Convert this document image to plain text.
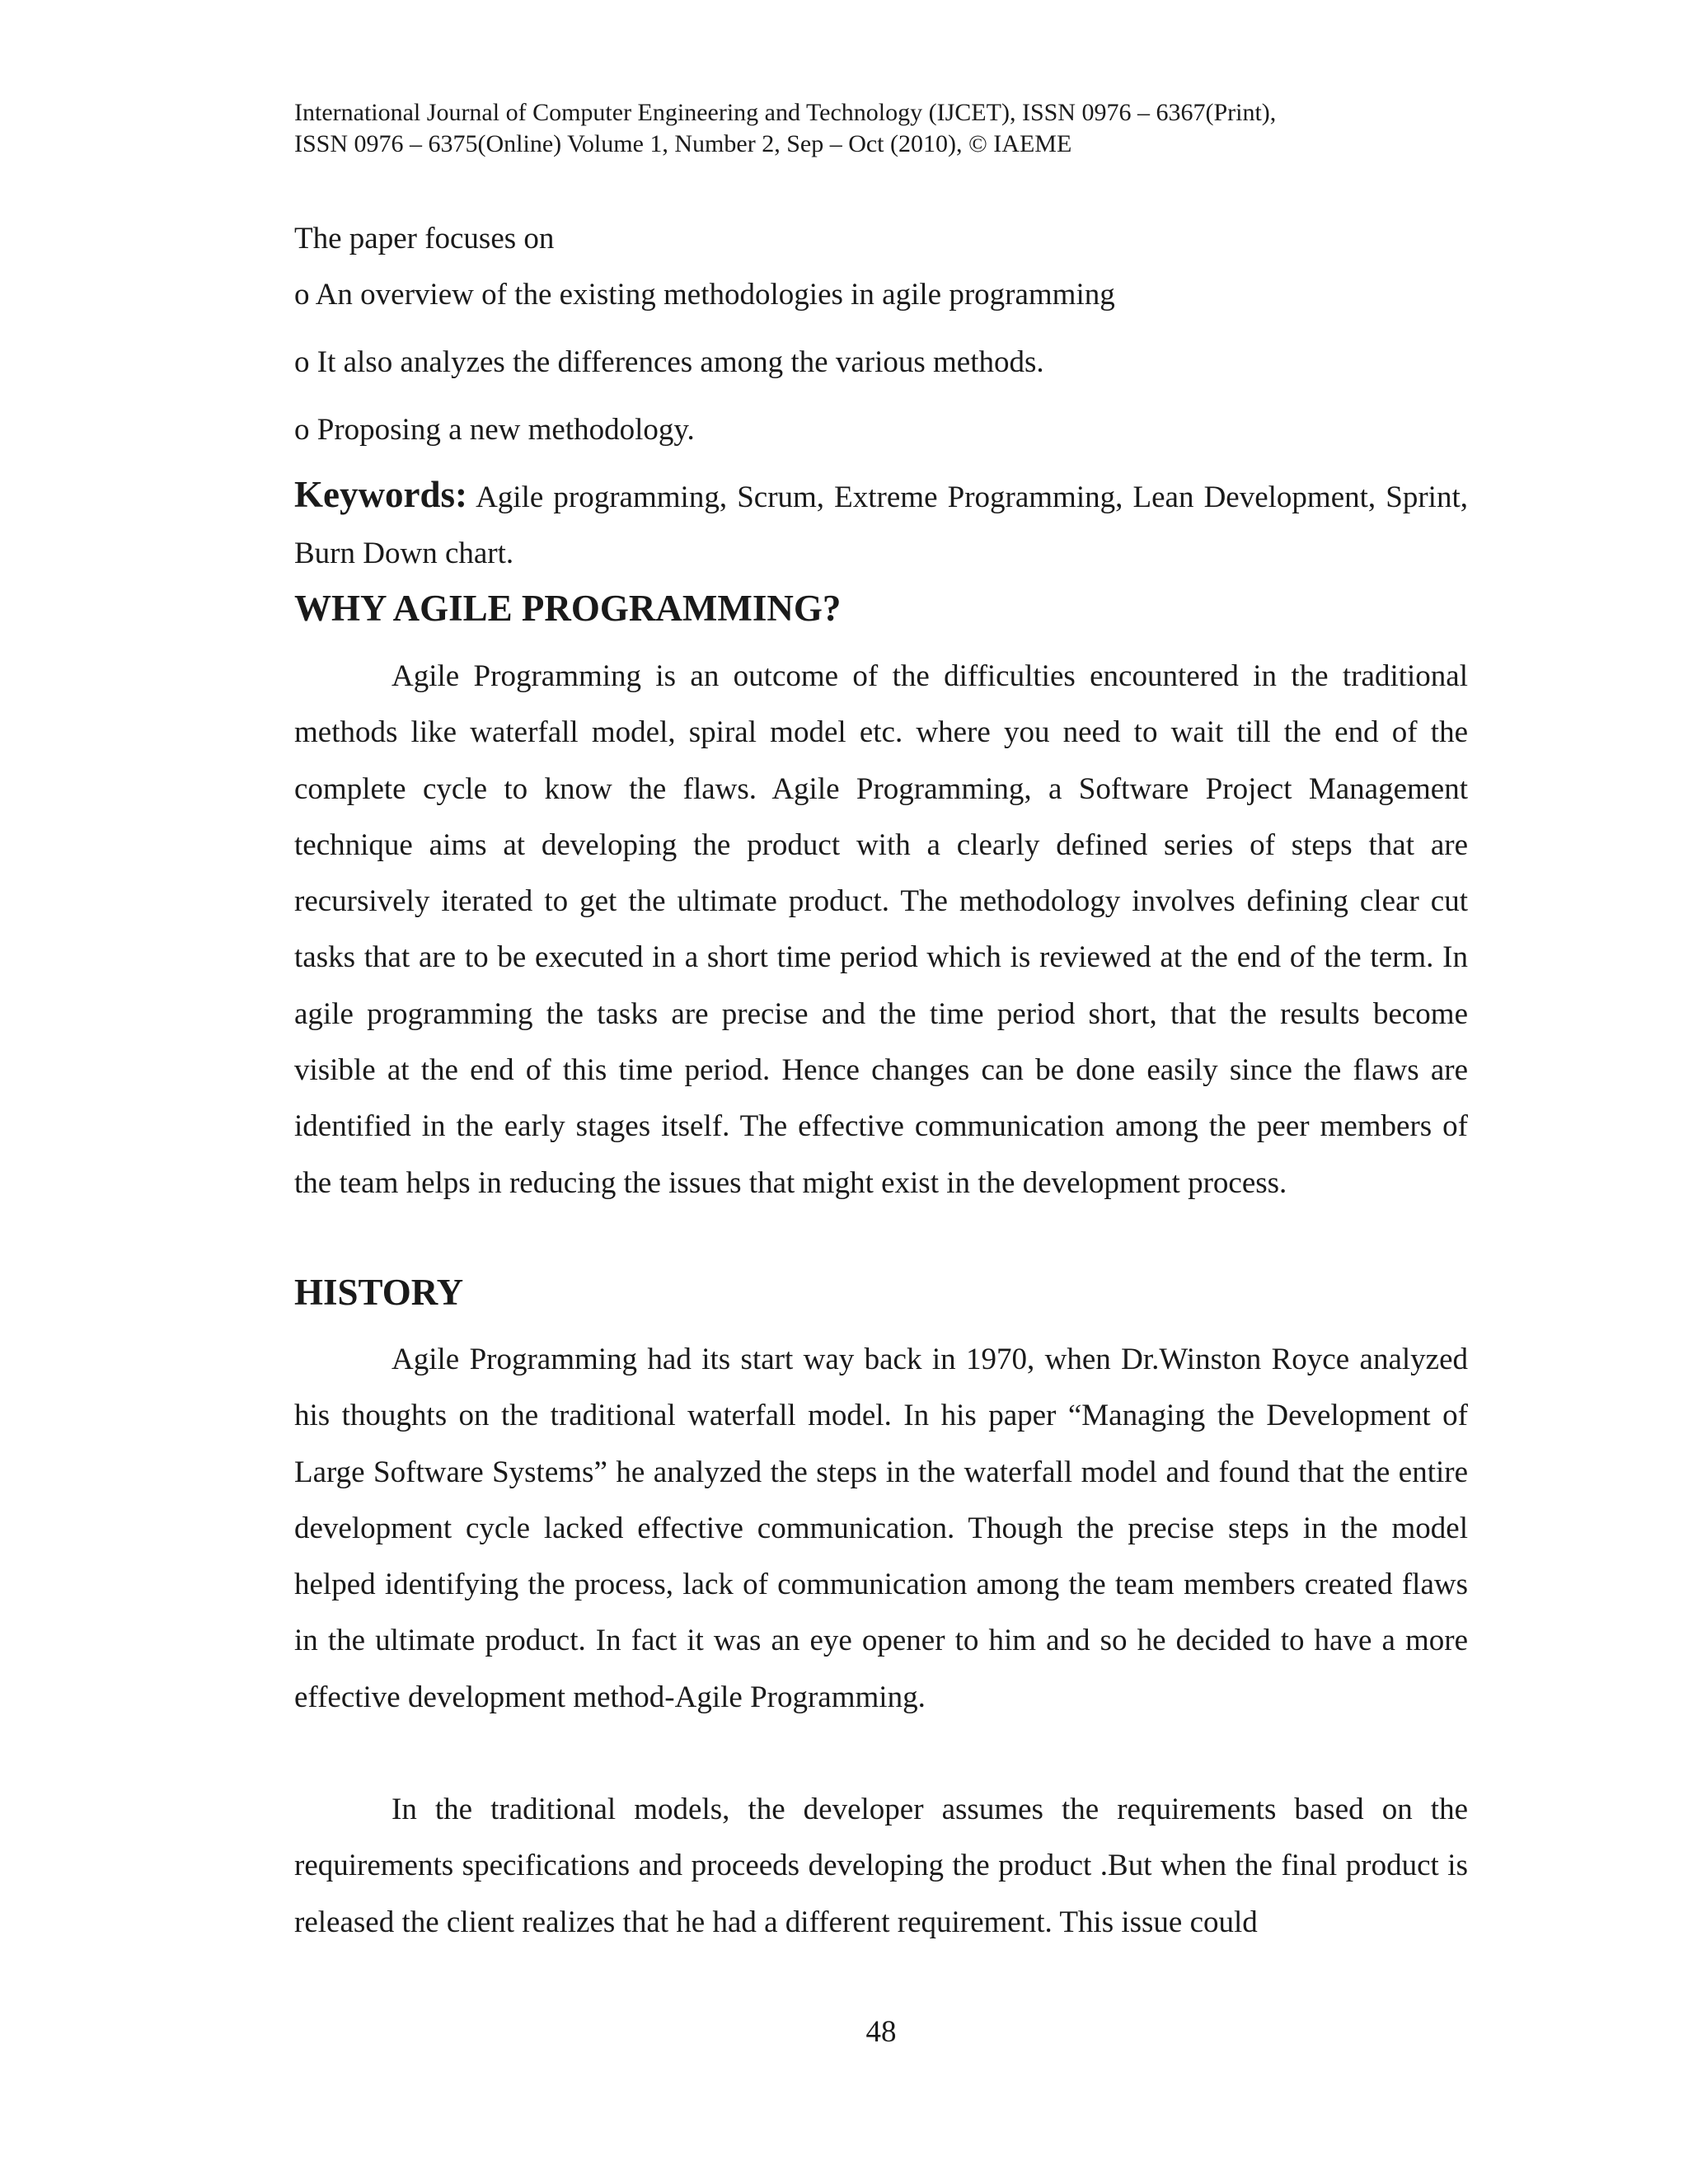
International Journal of Computer Engineering and Technology (IJCET), ISSN 0976 – 6367(Print),
ISSN 0976 – 6375(Online) Volume 1, Number 2, Sep – Oct (2010), © IAEME
The paper focuses on
o An overview of the existing methodologies in agile programming
o It also analyzes the differences among the various methods.
o Proposing a new methodology.
Keywords: Agile programming, Scrum, Extreme Programming, Lean Development, Sprint, Burn Down chart.
WHY AGILE PROGRAMMING?

Agile Programming is an outcome of the difficulties encountered in the traditional methods like waterfall model, spiral model etc. where you need to wait till the end of the complete cycle to know the flaws. Agile Programming, a Software Project Management technique aims at developing the product with a clearly defined series of steps that are recursively iterated to get the ultimate product. The methodology involves defining clear cut tasks that are to be executed in a short time period which is reviewed at the end of the term. In agile programming the tasks are precise and the time period short, that the results become visible at the end of this time period. Hence changes can be done easily since the flaws are identified in the early stages itself. The effective communication among the peer members of the team helps in reducing the issues that might exist in the development process.

HISTORY

Agile Programming had its start way back in 1970, when Dr.Winston Royce analyzed his thoughts on the traditional waterfall model. In his paper “Managing the Development of Large Software Systems” he analyzed the steps in the waterfall model and found that the entire development cycle lacked effective communication. Though the precise steps in the model helped identifying the process, lack of communication among the team members created flaws in the ultimate product. In fact it was an eye opener to him and so he decided to have a more effective development method-Agile Programming.

In the traditional models, the developer assumes the requirements based on the requirements specifications and proceeds developing the product .But when the final product is released the client realizes that he had a different requirement. This issue could

48
